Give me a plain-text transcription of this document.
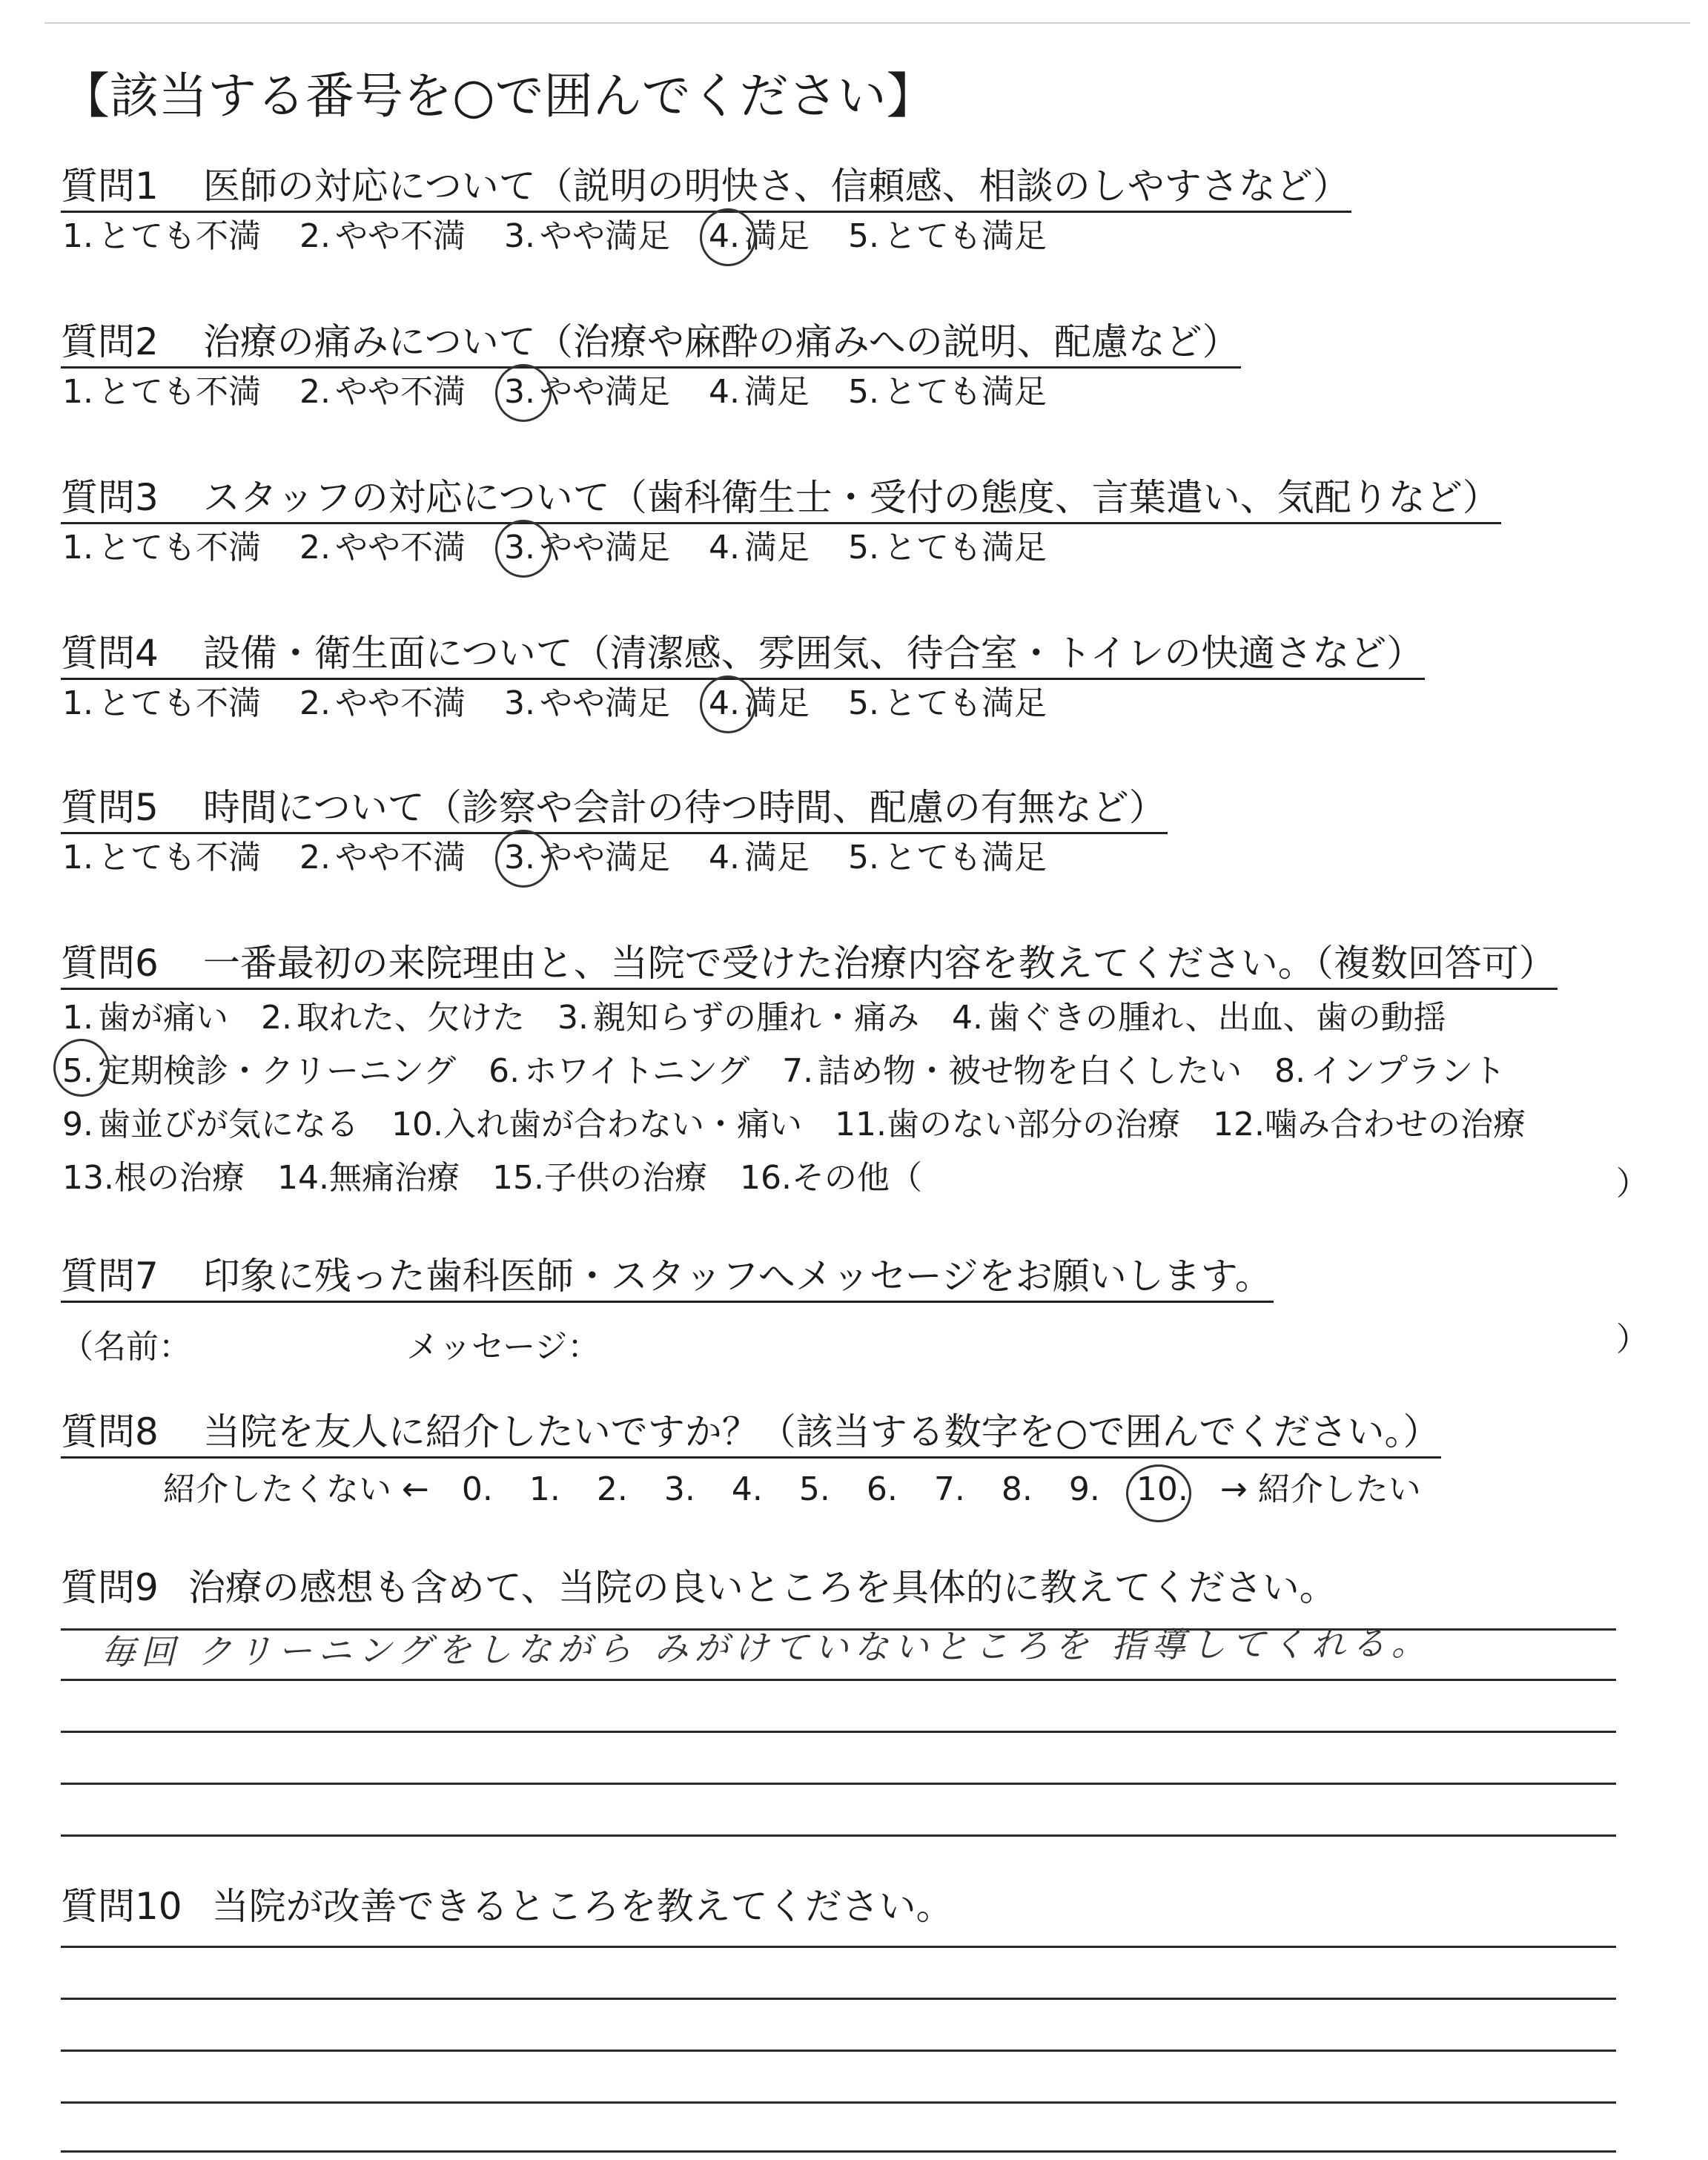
【該当する番号を○で囲んでください】
質問1 医師の対応について（説明の明快さ、信頼感、相談のしやすさなど）
1. とても不満 2. やや不満 3. やや満足 4. 満足 5. とても満足
質問2 治療の痛みについて（治療や麻酔の痛みへの説明、配慮など）
1. とても不満 2. やや不満 3. やや満足 4. 満足 5. とても満足
質問3 スタッフの対応について（歯科衛生士・受付の態度、言葉遣い、気配りなど）
1. とても不満 2. やや不満 3. やや満足 4. 満足 5. とても満足
質問4 設備・衛生面について（清潔感、雰囲気、待合室・トイレの快適さなど）
1. とても不満 2. やや不満 3. やや満足 4. 満足 5. とても満足
質問5 時間について（診察や会計の待つ時間、配慮の有無など）
1. とても不満 2. やや不満 3. やや満足 4. 満足 5. とても満足
質問6 一番最初の来院理由と、当院で受けた治療内容を教えてください。（複数回答可）
1. 歯が痛い 2. 取れた、欠けた 3. 親知らずの腫れ・痛み 4. 歯ぐきの腫れ、出血、歯の動揺
5. 定期検診・クリーニング 6. ホワイトニング 7. 詰め物・被せ物を白くしたい 8. インプラント
9. 歯並びが気になる 10.入れ歯が合わない・痛い 11.歯のない部分の治療 12.噛み合わせの治療
13.根の治療 14.無痛治療 15.子供の治療 16.その他（	）
質問7 印象に残った歯科医師・スタッフへメッセージをお願いします。
（名前：	メッセージ：	）
質問8 当院を友人に紹介したいですか？（該当する数字を○で囲んでください。）
紹介したくない ← 0. 1. 2. 3. 4. 5. 6. 7. 8. 9. 10. → 紹介したい
質問9 治療の感想も含めて、当院の良いところを具体的に教えてください。
毎回 クリーニングをしながら みがけていないところを 指導してくれる。
質問10 当院が改善できるところを教えてください。
